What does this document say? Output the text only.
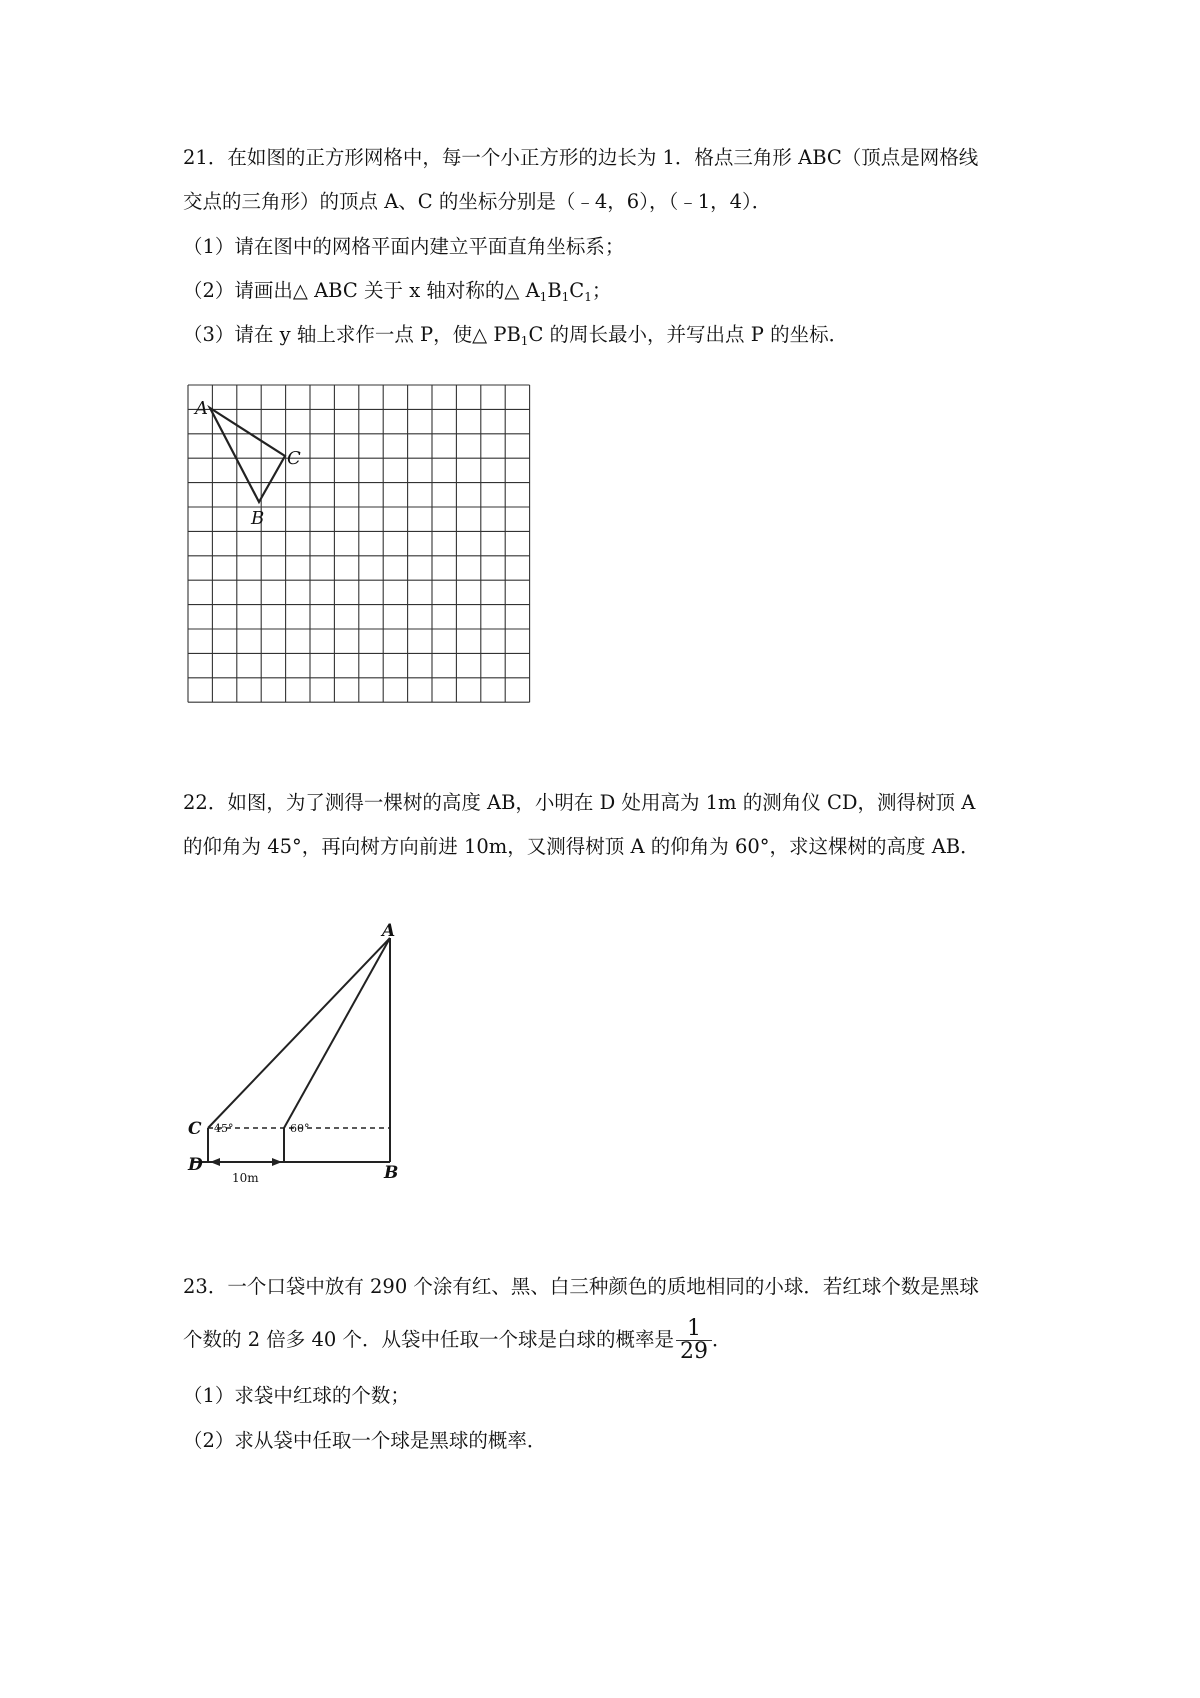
21．在如图的正方形网格中，每一个小正方形的边长为 1．格点三角形 ABC（顶点是网格线
交点的三角形）的顶点 A、C 的坐标分别是（﹣4，6），（﹣1，4）．
（1）请在图中的网格平面内建立平面直角坐标系；
（2）请画出△ ABC 关于 x 轴对称的△ $A_1B_1C_1$；
（3）请在 y 轴上求作一点 P，使△ $PB_1C$ 的周长最小，并写出点 P 的坐标．
A
B
C
22．如图，为了测得一棵树的高度 AB，小明在 D 处用高为 1m 的测角仪 CD，测得树顶 A
的仰角为 45°，再向树方向前进 10m，又测得树顶 A 的仰角为 60°，求这棵树的高度 AB．
A
C
D	B
45°	60°
10m
23．一个口袋中放有 290 个涂有红、黑、白三种颜色的质地相同的小球．若红球个数是黑球
个数的 2 倍多 40 个．从袋中任取一个球是白球的概率是 $\frac{1}{29}$ ．
（1）求袋中红球的个数；
（2）求从袋中任取一个球是黑球的概率．
